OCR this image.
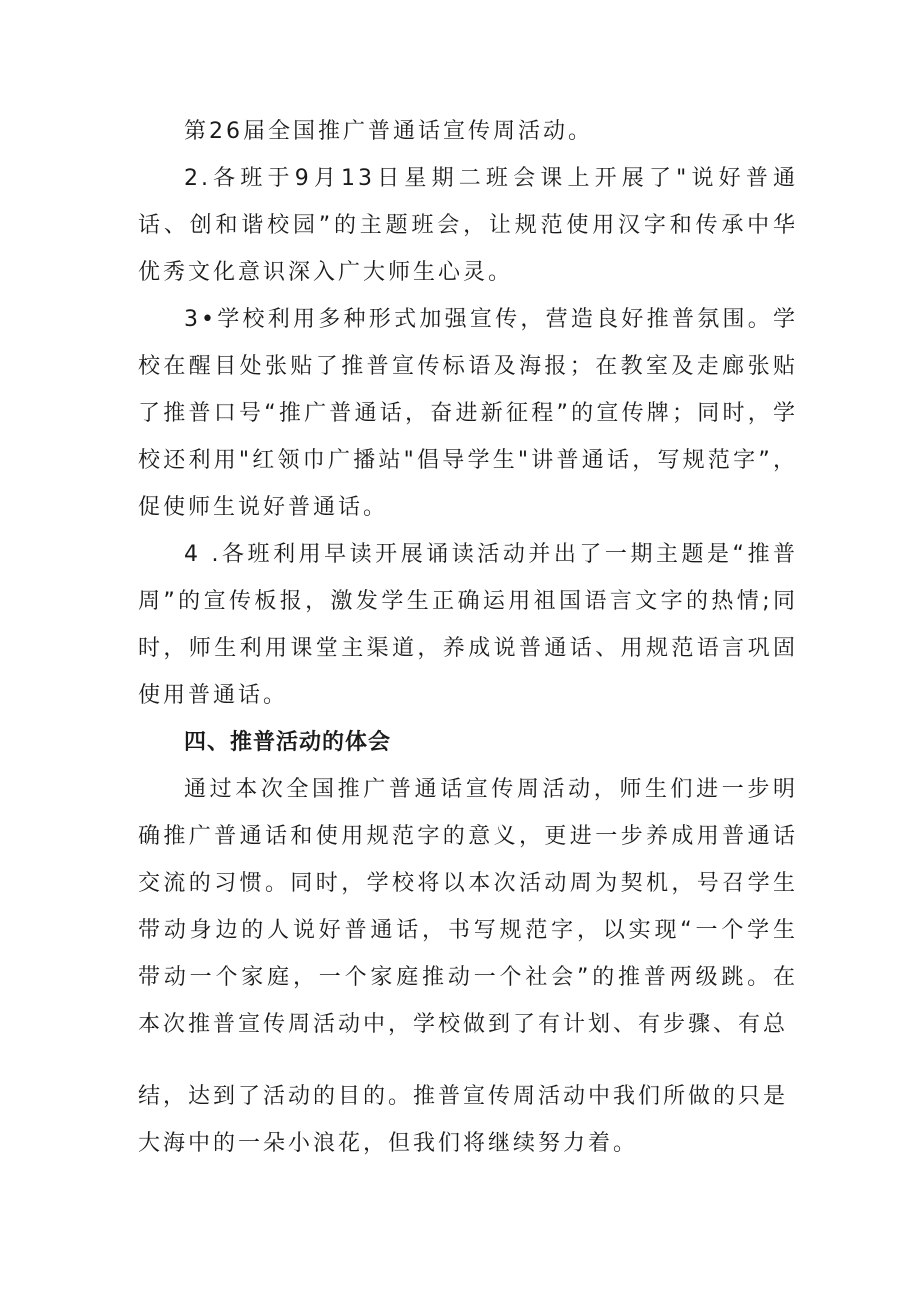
第26届全国推广普通话宣传周活动。

2.各班于9月13日星期二班会课上开展了"说好普通话、创和谐校园”的主题班会，让规范使用汉字和传承中华优秀文化意识深入广大师生心灵。

3•学校利用多种形式加强宣传，营造良好推普氛围。学校在醒目处张贴了推普宣传标语及海报；在教室及走廊张贴了推普口号“推广普通话，奋进新征程”的宣传牌；同时，学校还利用"红领巾广播站"倡导学生"讲普通话，写规范字”，促使师生说好普通话。

4 .各班利用早读开展诵读活动并出了一期主题是“推普周”的宣传板报，激发学生正确运用祖国语言文字的热情;同时，师生利用课堂主渠道，养成说普通话、用规范语言巩固使用普通话。

四、推普活动的体会

通过本次全国推广普通话宣传周活动，师生们进一步明确推广普通话和使用规范字的意义，更进一步养成用普通话交流的习惯。同时，学校将以本次活动周为契机，号召学生带动身边的人说好普通话，书写规范字，以实现“一个学生带动一个家庭，一个家庭推动一个社会”的推普两级跳。在本次推普宣传周活动中，学校做到了有计划、有步骤、有总

结，达到了活动的目的。推普宣传周活动中我们所做的只是大海中的一朵小浪花，但我们将继续努力着。
